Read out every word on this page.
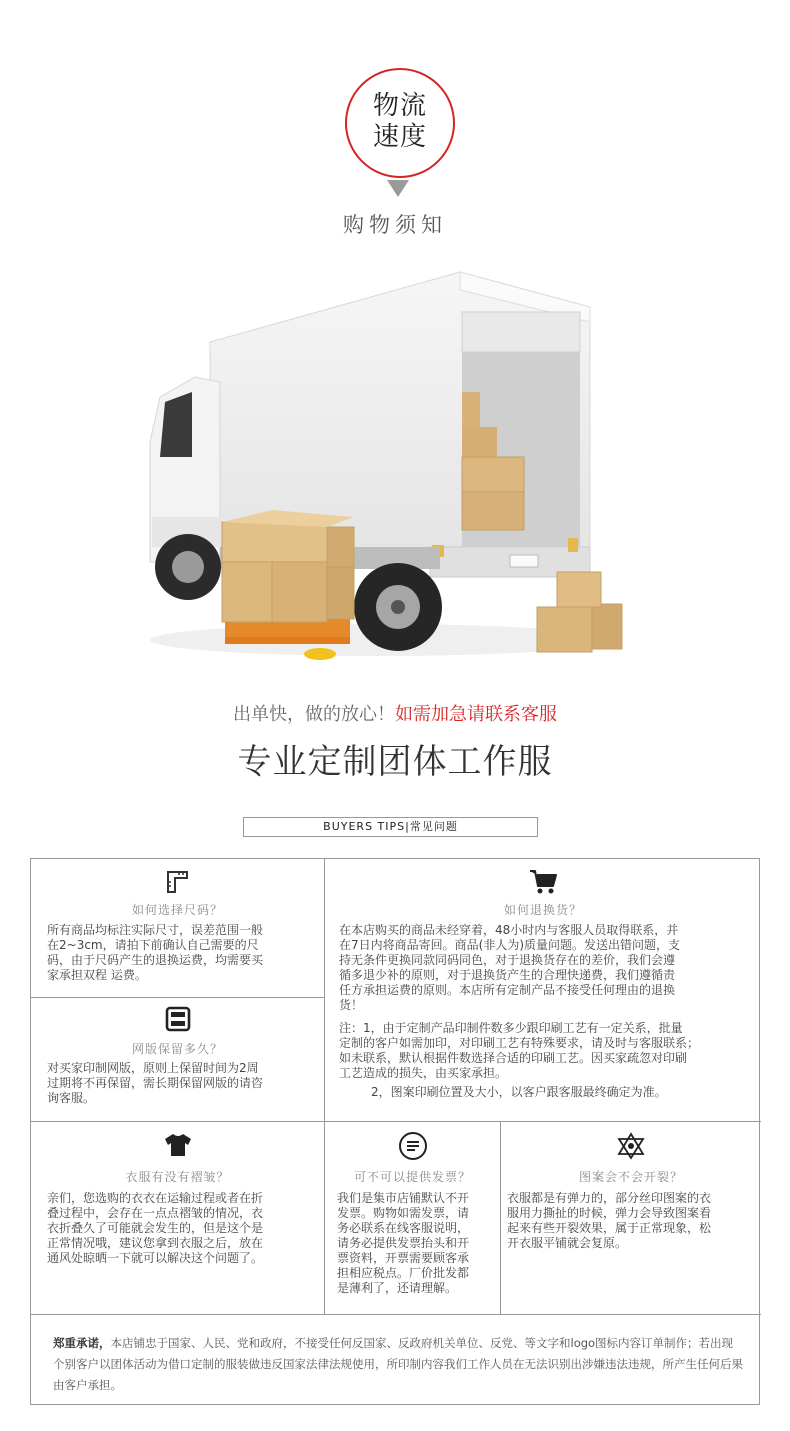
物流
速度
购物须知
出单快，做的放心！如需加急请联系客服
专业定制团体工作服
BUYERS TIPS|常见问题
如何选择尺码？
所有商品均标注实际尺寸，误差范围一般
在2~3cm，请拍下前确认自己需要的尺
码，由于尺码产生的退换运费，均需要买
家承担双程 运费。
如何退换货？
在本店购买的商品未经穿着，48小时内与客服人员取得联系，并
在7日内将商品寄回。商品(非人为)质量问题。发送出错问题，支
持无条件更换同款同码同色，对于退换货存在的差价，我们会遵
循多退少补的原则，对于退换货产生的合理快递费，我们遵循责
任方承担运费的原则。本店所有定制产品不接受任何理由的退换
货！
注：1，由于定制产品印制件数多少跟印刷工艺有一定关系，批量
定制的客户如需加印，对印刷工艺有特殊要求，请及时与客服联系；
如未联系，默认根据件数选择合适的印刷工艺。因买家疏忽对印刷
工艺造成的损失，由买家承担。
2，图案印刷位置及大小，以客户跟客服最终确定为准。
网版保留多久？
对买家印制网版，原则上保留时间为2周
过期将不再保留，需长期保留网版的请咨
询客服。
衣服有没有褶皱？
亲们，您选购的衣衣在运输过程或者在折
叠过程中，会存在一点点褶皱的情况，衣
衣折叠久了可能就会发生的，但是这个是
正常情况哦，建议您拿到衣服之后，放在
通风处晾晒一下就可以解决这个问题了。
可不可以提供发票？
我们是集市店铺默认不开
发票。购物如需发票，请
务必联系在线客服说明，
请务必提供发票抬头和开
票资料，开票需要顾客承
担相应税点。厂价批发都
是薄利了，还请理解。
图案会不会开裂？
衣服都是有弹力的，部分丝印图案的衣
服用力撕扯的时候，弹力会导致图案看
起来有些开裂效果，属于正常现象，松
开衣服平铺就会复原。
郑重承诺，本店铺忠于国家、人民、党和政府，不接受任何反国家、反政府机关单位、反党、等文字和logo图标内容订单制作；若出现个别客户以团体活动为借口定制的服装做违反国家法律法规使用，所印制内容我们工作人员在无法识别出涉嫌违法违规，所产生任何后果由客户承担。
